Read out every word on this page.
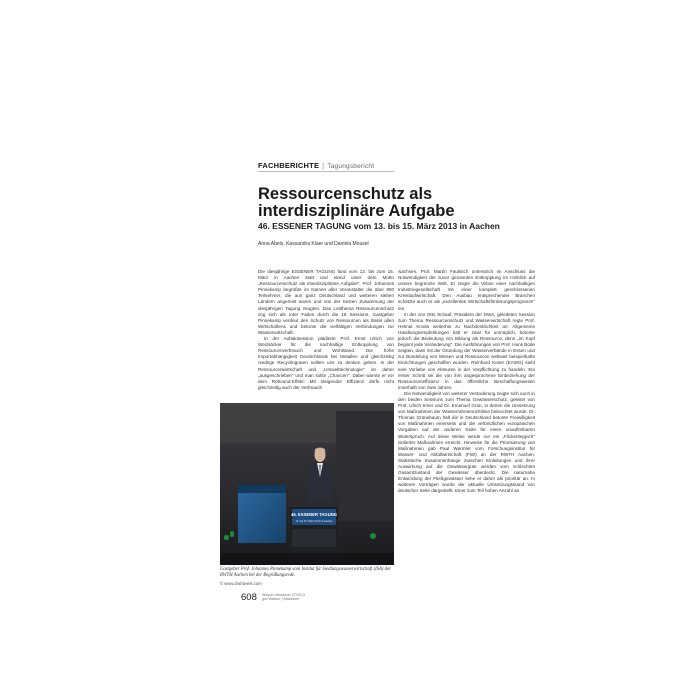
FACHBERICHTE | Tagungsbericht
Ressourcenschutz als interdisziplinäre Aufgabe
46. ESSENER TAGUNG vom 13. bis 15. März 2013 in Aachen
Anna Abels, Kassandra Klaer und Daniela Mousel

Die diesjährige ESSENER TAGUNG fand vom 13. bis zum 15. März in Aachen statt und stand unter dem Motto „Ressourcenschutz als interdisziplinäre Aufgabe". Prof. Johannes Pinnekamp begrüßte im Namen aller Veranstalter die über 900 Teilnehmer, die aus ganz Deutschland und weiteren sieben Ländern angereist waren und von der besten Zusammung der diesjährigen Tagung zeugten. Das Leitthema Ressourcenschutz zog sich als roter Faden durch die 16 Sessions. Gastgeber Pinnekamp verdeut den Schutz von Ressourcen als Basis allen Wirtschaftens und betonte die vielfältigen Verbindungen zur Wasserwirtschaft.

In der Auftaktsession plädierte Prof. Ernst Ulrich von Weizsäcker für die nachhaltige Entkopplung von Ressourcenverbrauch und Wohlstand. Die hohe Importabhängigkeit Deutschlands bei Metallen und gleichzeitig niedrige Recyclingraten sollten uns zu denken geben. In der Ressourcenwirtschaft und „Umwelttechnologie" ist daher „ausgeschrieben" und man sollte „Chancen". Dabei warnte er vor dem Rebound-Effekt: Mit steigender Effizienz dürfe nicht gleichzeitig auch der Verbrauch

wachsen. Prof. Martin Faulstich unterstrich im Anschluss die Notwendigkeit der zuvor genannten Entkopplung im Hinblick auf unsere begrenzte Welt. Er zeigte die Vision einer nachhaltigen Industriegesellschaft mit einer komplett geschlossenen Kreislaufwirtschaft. Den Ausbau entsprechender Branchen schätzte auch er als „exzellentes Wirtschaftsförderungsprogramm" ein.

In der von Otto Schaaf, Präsident der DWA, geleiteten Session zum Thema Ressourcenschutz und Wasserwirtschaft regte Prof. Helmut Kroiss weiterhin zu Nachdenklichkeit an: Allgemeine Handlungsempfehlungen hält er zwar für unmöglich, betonte jedoch die Bedeutung von Bildung als Ressource, denn „im Kopf beginnt jede Veränderung". Die Ausführungen von Prof. Hans Bode zeigten, dass mit der Gründung der Wasserverbände in Essen und zur Bündelung von Wissen und Ressourcen weltweit beispielhafte Einrichtungen geschaffen wurden. Reinhard Koser (EAWG) sieht eine Vorliebe von Akteuren in der Verpflichtung zu handeln. Ein erster Schritt sei die von ihm angesprochene Einbeziehung der Ressourceneffizienz in das öffentliche Beschaffungswesen innerhalb von zwei Jahren.

Die Notwendigkeit von weiterer Veränderung zeigte sich auch in den beiden Sessions zum Thema Gewässerschutz, geleitet von Prof. Ulrich Irmer und Dr. Emanuel Grün, in denen die Umsetzung von Maßnahmen der Wasserrahmenrichtlinie beleuchtet wurde. Dr. Thomas Grünebaum hält die in Deutschland betonte Freiwilligkeit von Maßnahmen einerseits und die verbindlichen europäischen Vorgaben auf der anderen Seite für einen unauflösbaren Widerspruch. Auf diese Weise werde nur ein „Flickenteppich" isolierter Maßnahmen erreicht. Hinweise für die Priorisierung von Maßnahmen gab Paul Wermter vom Forschungsinstitut für Wasser- und Abfallwirtschaft (FiW) an der RWTH Aachen. Statistische Zusammenhänge zwischen Einleitungen und ihrer Auswirkung auf die Gewässergüte werden vom schlechten Gesamtzustand der Gewässer überdeckt. Die naturnahe Entwicklung der Fließgewässer sehe er daher als prioritär an. In weiteren Vorträgen wurde der aktuelle Umsetzungsstand von deutscher Seite dargestellt. Einer zum Teil hohen Anzahl an

46. ESSENER TAGUNG
13. bis 15. März 2013 in Aachen
Gastgeber Prof. Johannes Pinnekamp vom Institut für Siedlungswasserwirtschaft (ISA) der RWTH Aachen bei der Begrüßungsrede.
© www.drahtwerk.com
608 Wasser·Abwasser 07/2013
gwf Wasser | Abwasser
